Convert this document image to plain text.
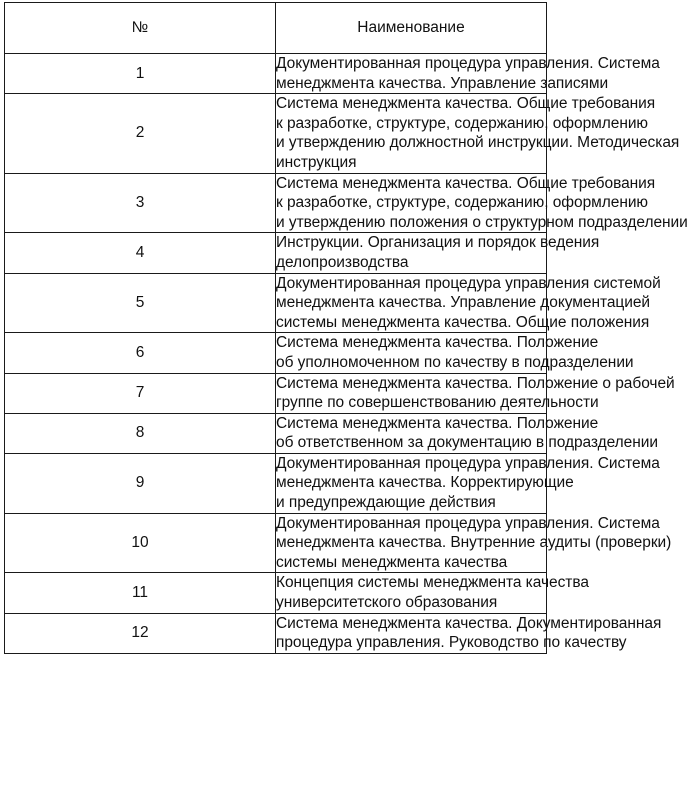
№	Наименование
1	Документированная процедура управления. Система
менеджмента качества. Управление записями

2	Система менеджмента качества. Общие требования
к разработке, структуре, содержанию, оформлению
и утверждению должностной инструкции. Методическая
инструкция

3	Система менеджмента качества. Общие требования
к разработке, структуре, содержанию, оформлению
и утверждению положения о структурном подразделении

4	Инструкции. Организация и порядок ведения
делопроизводства

5	Документированная процедура управления системой
менеджмента качества. Управление документацией
системы менеджмента качества. Общие положения

6	Система менеджмента качества. Положение
об уполномоченном по качеству в подразделении

7	Система менеджмента качества. Положение о рабочей
группе по совершенствованию деятельности

8	Система менеджмента качества. Положение
об ответственном за документацию в подразделении

9	Документированная процедура управления. Система
менеджмента качества. Корректирующие
и предупреждающие действия

10	Документированная процедура управления. Система
менеджмента качества. Внутренние аудиты (проверки)
системы менеджмента качества

11	Концепция системы менеджмента качества
университетского образования

12	Система менеджмента качества. Документированная
процедура управления. Руководство по качеству
